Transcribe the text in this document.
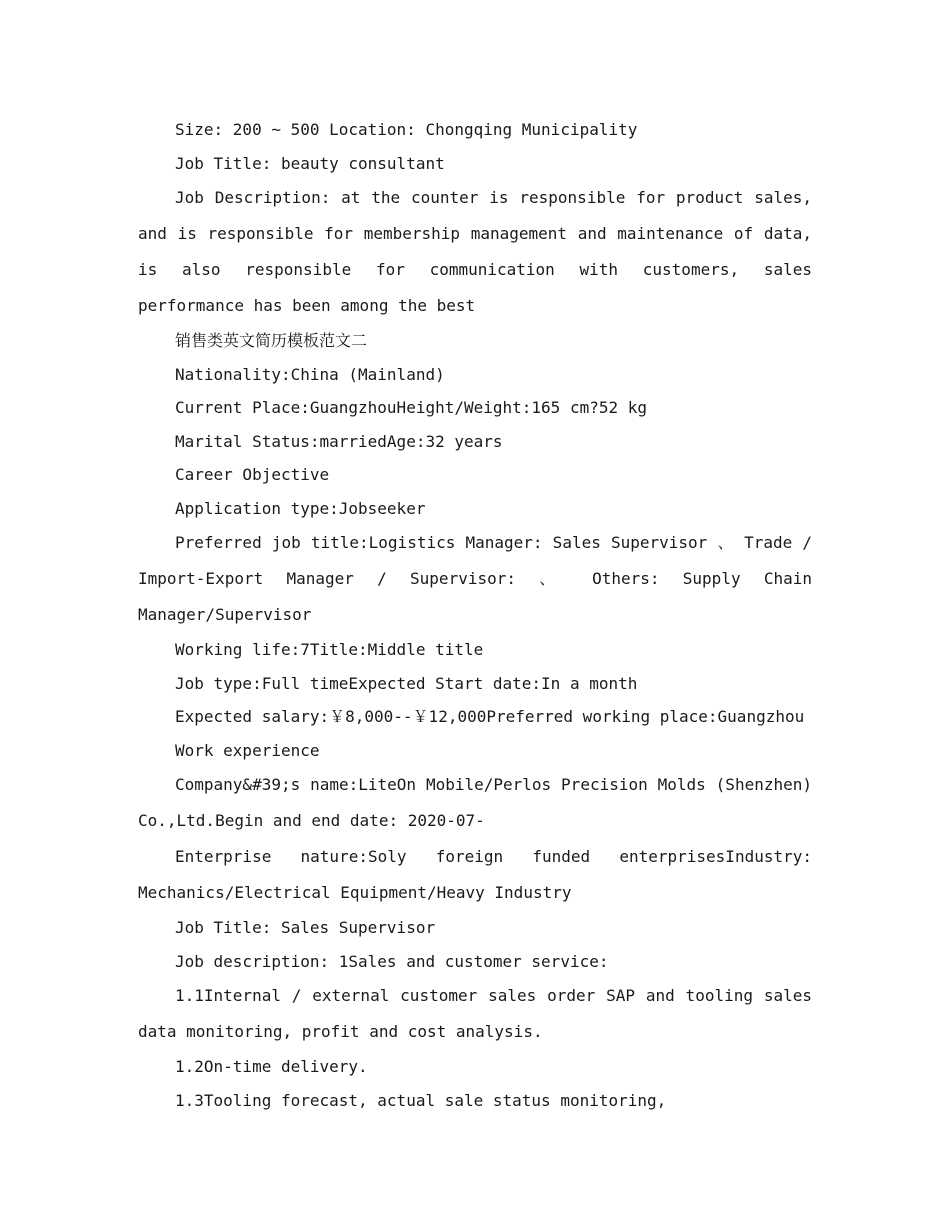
Size: 200 ~ 500 Location: Chongqing Municipality

Job Title: beauty consultant

Job Description: at the counter is responsible for product sales, and is responsible for membership management and maintenance of data, is also responsible for communication with customers, sales performance has been among the best

销售类英文简历模板范文二

Nationality:China (Mainland)

Current Place:GuangzhouHeight/Weight:165 cm?52 kg

Marital Status:marriedAge:32 years

Career Objective

Application type:Jobseeker

Preferred job title:Logistics Manager: Sales Supervisor 、 Trade / Import-Export Manager / Supervisor: 、 Others: Supply Chain Manager/Supervisor

Working life:7Title:Middle title

Job type:Full timeExpected Start date:In a month

Expected salary:￥8,000--￥12,000Preferred working place:Guangzhou

Work experience

Company&#39;s name:LiteOn Mobile/Perlos Precision Molds (Shenzhen) Co.,Ltd.Begin and end date: 2020-07-

Enterprise nature:Soly foreign funded enterprisesIndustry: Mechanics/Electrical Equipment/Heavy Industry

Job Title: Sales Supervisor

Job description: 1Sales and customer service:

1.1Internal / external customer sales order SAP and tooling sales data monitoring, profit and cost analysis.

1.2On-time delivery.

1.3Tooling forecast, actual sale status monitoring,
